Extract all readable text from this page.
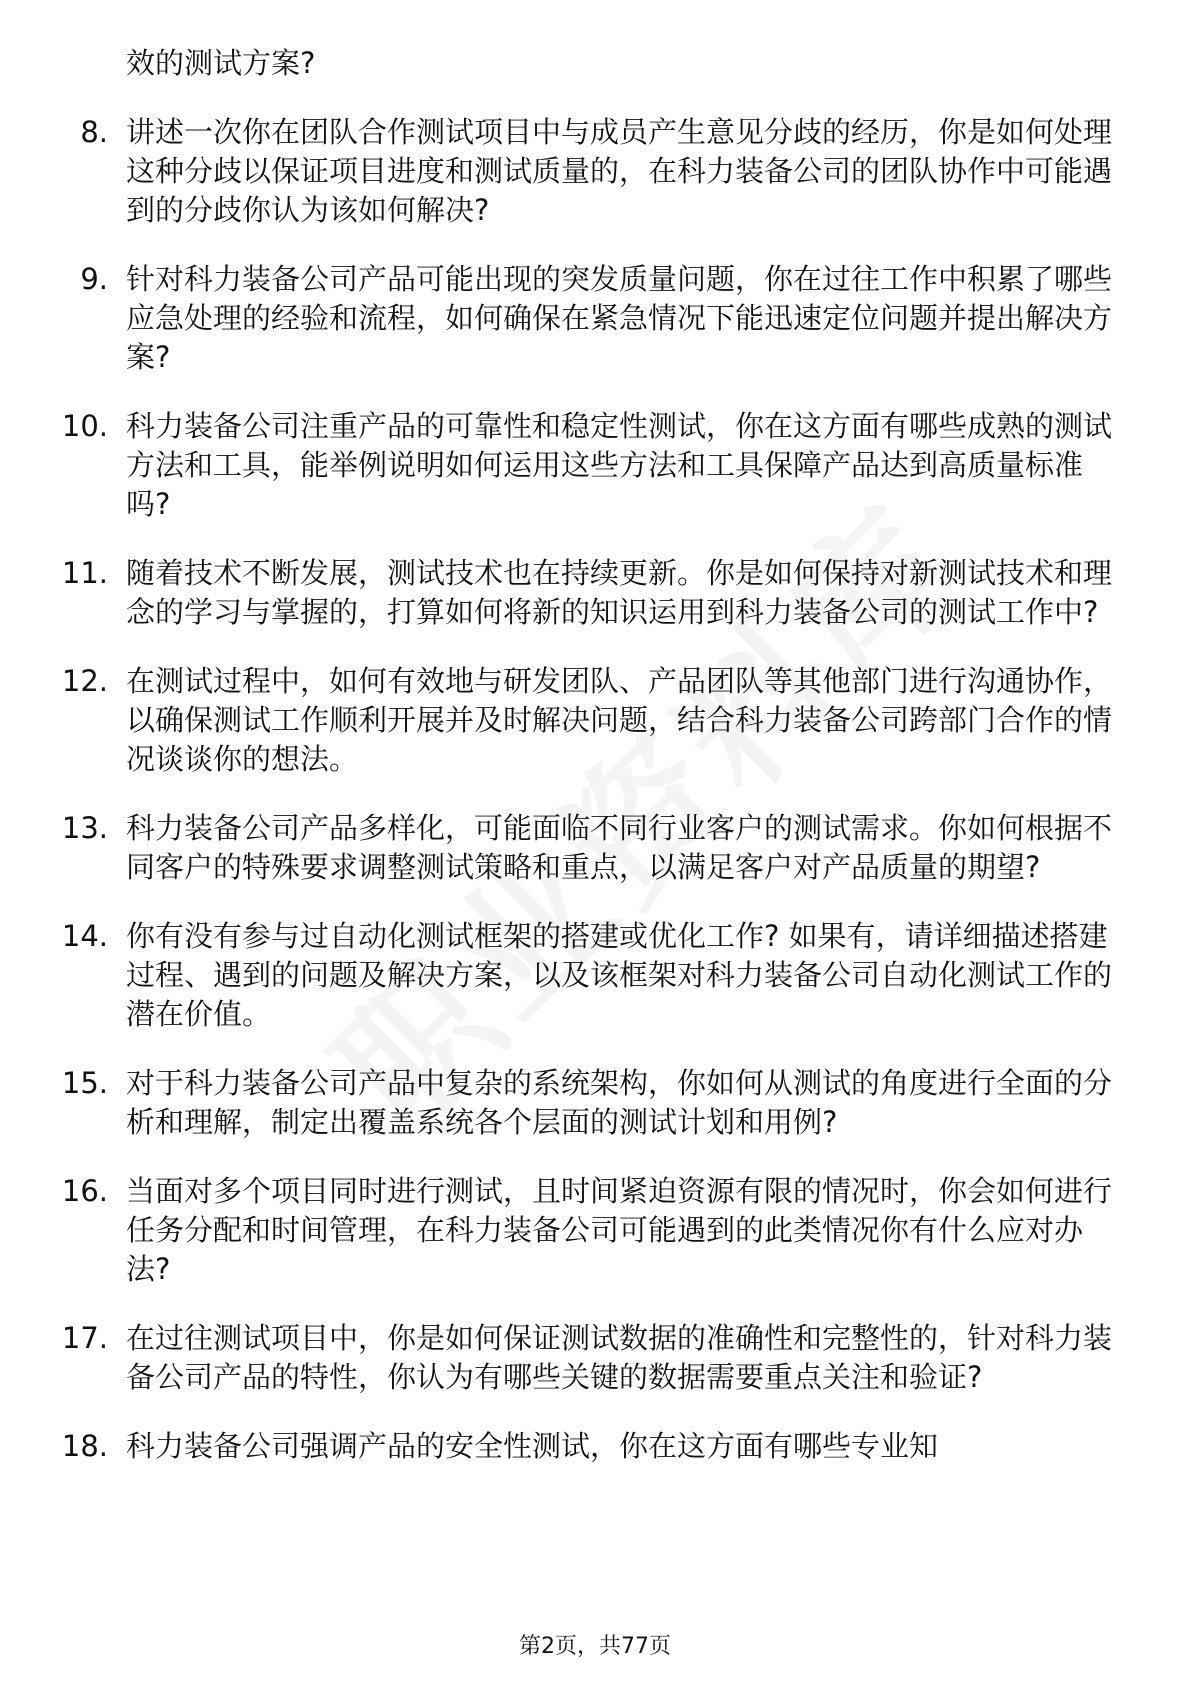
效的测试方案?
8. 讲述一次你在团队合作测试项目中与成员产生意见分歧的经历，你是如何处理这种分歧以保证项目进度和测试质量的，在科力装备公司的团队协作中可能遇到的分歧你认为该如何解决?
9. 针对科力装备公司产品可能出现的突发质量问题，你在过往工作中积累了哪些应急处理的经验和流程，如何确保在紧急情况下能迅速定位问题并提出解决方案?
10. 科力装备公司注重产品的可靠性和稳定性测试，你在这方面有哪些成熟的测试方法和工具，能举例说明如何运用这些方法和工具保障产品达到高质量标准吗?
11. 随着技术不断发展，测试技术也在持续更新。你是如何保持对新测试技术和理念的学习与掌握的，打算如何将新的知识运用到科力装备公司的测试工作中?
12. 在测试过程中，如何有效地与研发团队、产品团队等其他部门进行沟通协作，以确保测试工作顺利开展并及时解决问题，结合科力装备公司跨部门合作的情况谈谈你的想法。
13. 科力装备公司产品多样化，可能面临不同行业客户的测试需求。你如何根据不同客户的特殊要求调整测试策略和重点，以满足客户对产品质量的期望?
14. 你有没有参与过自动化测试框架的搭建或优化工作? 如果有，请详细描述搭建过程、遇到的问题及解决方案，以及该框架对科力装备公司自动化测试工作的潜在价值。
15. 对于科力装备公司产品中复杂的系统架构，你如何从测试的角度进行全面的分析和理解，制定出覆盖系统各个层面的测试计划和用例?
16. 当面对多个项目同时进行测试，且时间紧迫资源有限的情况时，你会如何进行任务分配和时间管理，在科力装备公司可能遇到的此类情况你有什么应对办法?
17. 在过往测试项目中，你是如何保证测试数据的准确性和完整性的，针对科力装备公司产品的特性，你认为有哪些关键的数据需要重点关注和验证?
18. 科力装备公司强调产品的安全性测试，你在这方面有哪些专业知
第2页，共77页
